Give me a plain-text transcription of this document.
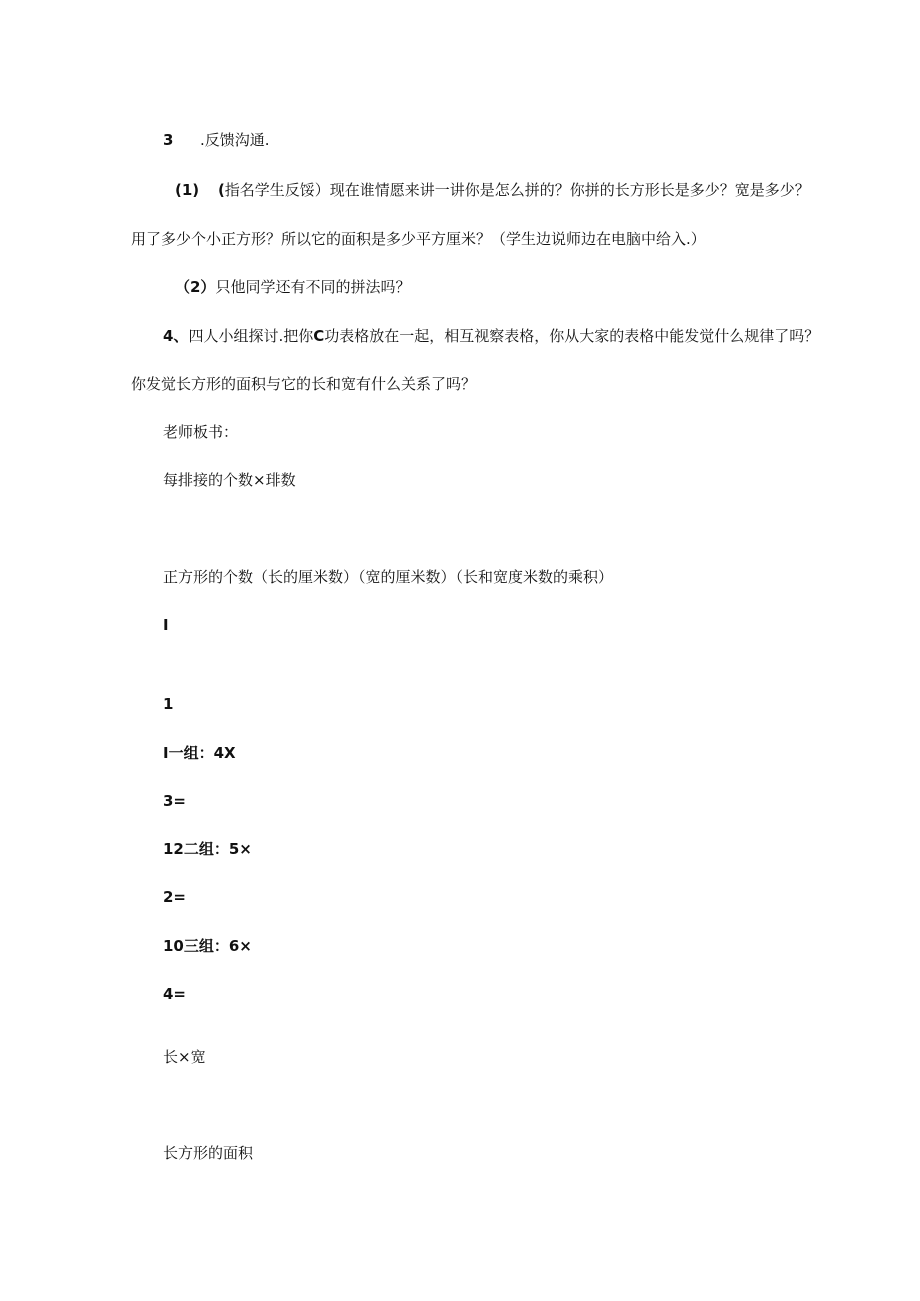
3 .反馈沟通.
(1) (指名学生反馁）现在谁情愿来讲一讲你是怎么拼的？你拼的长方形长是多少？宽是多少？
用了多少个小正方形？所以它的面积是多少平方厘米？（学生边说师边在电脑中给入.）
（2）只他同学还有不同的拼法吗？
4、四人小组探讨.把你C功表格放在一起，相互视察表格，你从大家的表格中能发觉什么规律了吗？
你发觉长方形的面积与它的长和宽有什么关系了吗？
老师板书：
每排接的个数×琲数
正方形的个数（长的厘米数）（宽的厘米数）（长和宽度米数的乘积）
I
1
I一组：4X
3=
12二组：5×
2=
10三组：6×
4=
长×宽
长方形的面积
